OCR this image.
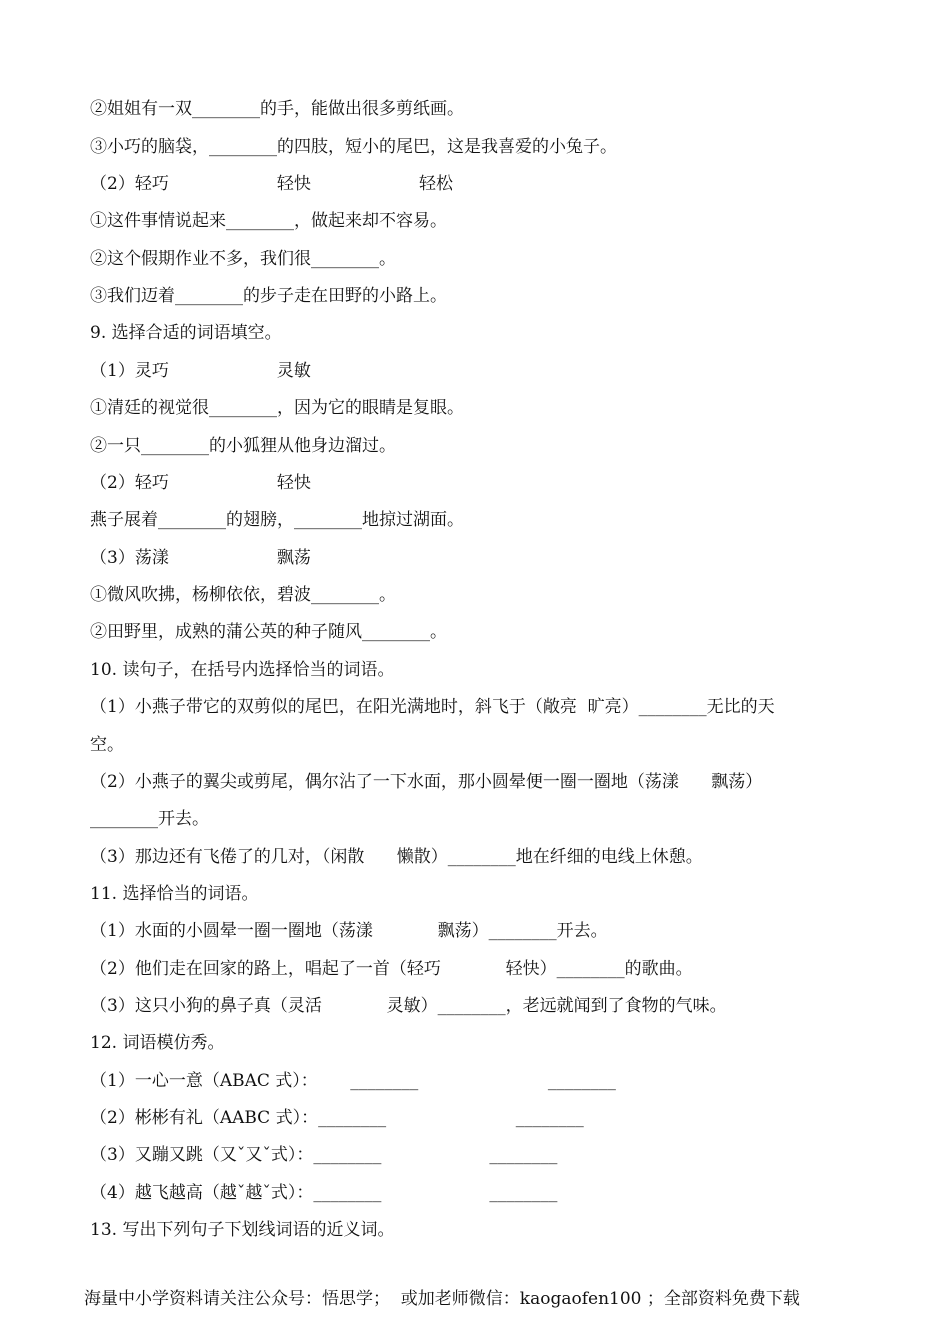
②姐姐有一双________的手，能做出很多剪纸画。
③小巧的脑袋，________的四肢，短小的尾巴，这是我喜爱的小兔子。
（2）轻巧                    轻快                    轻松
①这件事情说起来________，做起来却不容易。
②这个假期作业不多，我们很________。
③我们迈着________的步子走在田野的小路上。
9. 选择合适的词语填空。
（1）灵巧                    灵敏
①清廷的视觉很________，因为它的眼睛是复眼。
②一只________的小狐狸从他身边溜过。
（2）轻巧                    轻快
燕子展着________的翅膀，________地掠过湖面。
（3）荡漾                    飘荡
①微风吹拂，杨柳依依，碧波________。
②田野里，成熟的蒲公英的种子随风________。
10. 读句子，在括号内选择恰当的词语。
（1）小燕子带它的双剪似的尾巴，在阳光满地时，斜飞于（敞亮  旷亮）________无比的天
空。
（2）小燕子的翼尖或剪尾，偶尔沾了一下水面，那小圆晕便一圈一圈地（荡漾      飘荡）
________开去。
（3）那边还有飞倦了的几对，（闲散      懒散）________地在纤细的电线上休憩。
11. 选择恰当的词语。
（1）水面的小圆晕一圈一圈地（荡漾            飘荡）________开去。
（2）他们走在回家的路上，唱起了一首（轻巧            轻快）________的歌曲。
（3）这只小狗的鼻子真（灵活            灵敏）________，老远就闻到了食物的气味。
12. 词语模仿秀。
（1）一心一意（ABAC 式）：      ________                        ________
（2）彬彬有礼（AABC 式）：________                        ________
（3）又蹦又跳（又ˇ又ˇ式）：________                    ________
（4）越飞越高（越ˇ越ˇ式）：________                    ________
13. 写出下列句子下划线词语的近义词。
海量中小学资料请关注公众号：悟思学；  或加老师微信：kaogaofen100 ；全部资料免费下载
